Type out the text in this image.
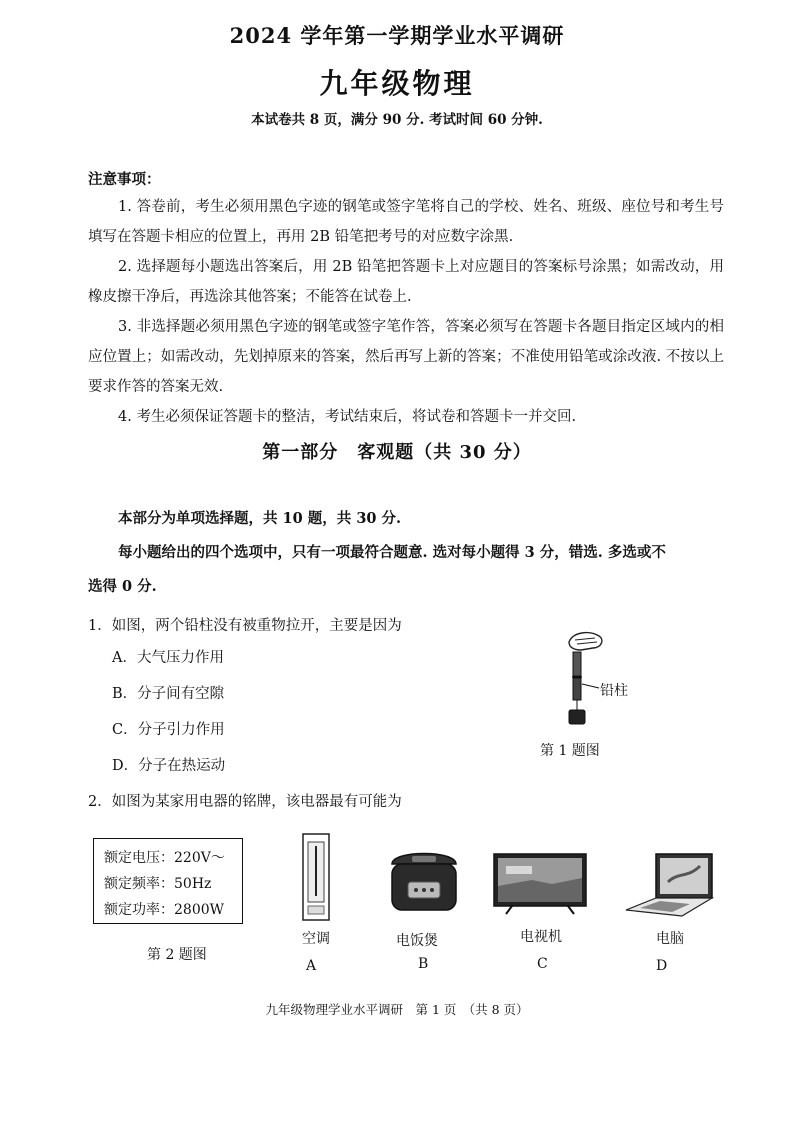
2024 学年第一学期学业水平调研
九年级物理
本试卷共 8 页，满分 90 分. 考试时间 60 分钟.
注意事项：

1. 答卷前，考生必须用黑色字迹的钢笔或签字笔将自己的学校、姓名、班级、座位号和考生号填写在答题卡相应的位置上，再用 2B 铅笔把考号的对应数字涂黑.

2. 选择题每小题选出答案后，用 2B 铅笔把答题卡上对应题目的答案标号涂黑；如需改动，用橡皮擦干净后，再选涂其他答案；不能答在试卷上.

3. 非选择题必须用黑色字迹的钢笔或签字笔作答，答案必须写在答题卡各题目指定区域内的相应位置上；如需改动，先划掉原来的答案，然后再写上新的答案；不准使用铅笔或涂改液. 不按以上要求作答的答案无效.

4. 考生必须保证答题卡的整洁，考试结束后，将试卷和答题卡一并交回.

第一部分　客观题（共 30 分）

本部分为单项选择题，共 10 题，共 30 分.

每小题给出的四个选项中，只有一项最符合题意. 选对每小题得 3 分，错选. 多选或不

选得 0 分.

1．如图，两个铅柱没有被重物拉开，主要是因为
A．大气压力作用
B．分子间有空隙
C．分子引力作用
D．分子在热运动
铅柱
第 1 题图
2．如图为某家用电器的铭牌，该电器最有可能为
额定电压：220V～
额定频率：50Hz
额定功率：2800W
第 2 题图
空调
A
电饭煲
B
电视机
C
电脑
D
九年级物理学业水平调研　第 1 页　（共 8 页）
